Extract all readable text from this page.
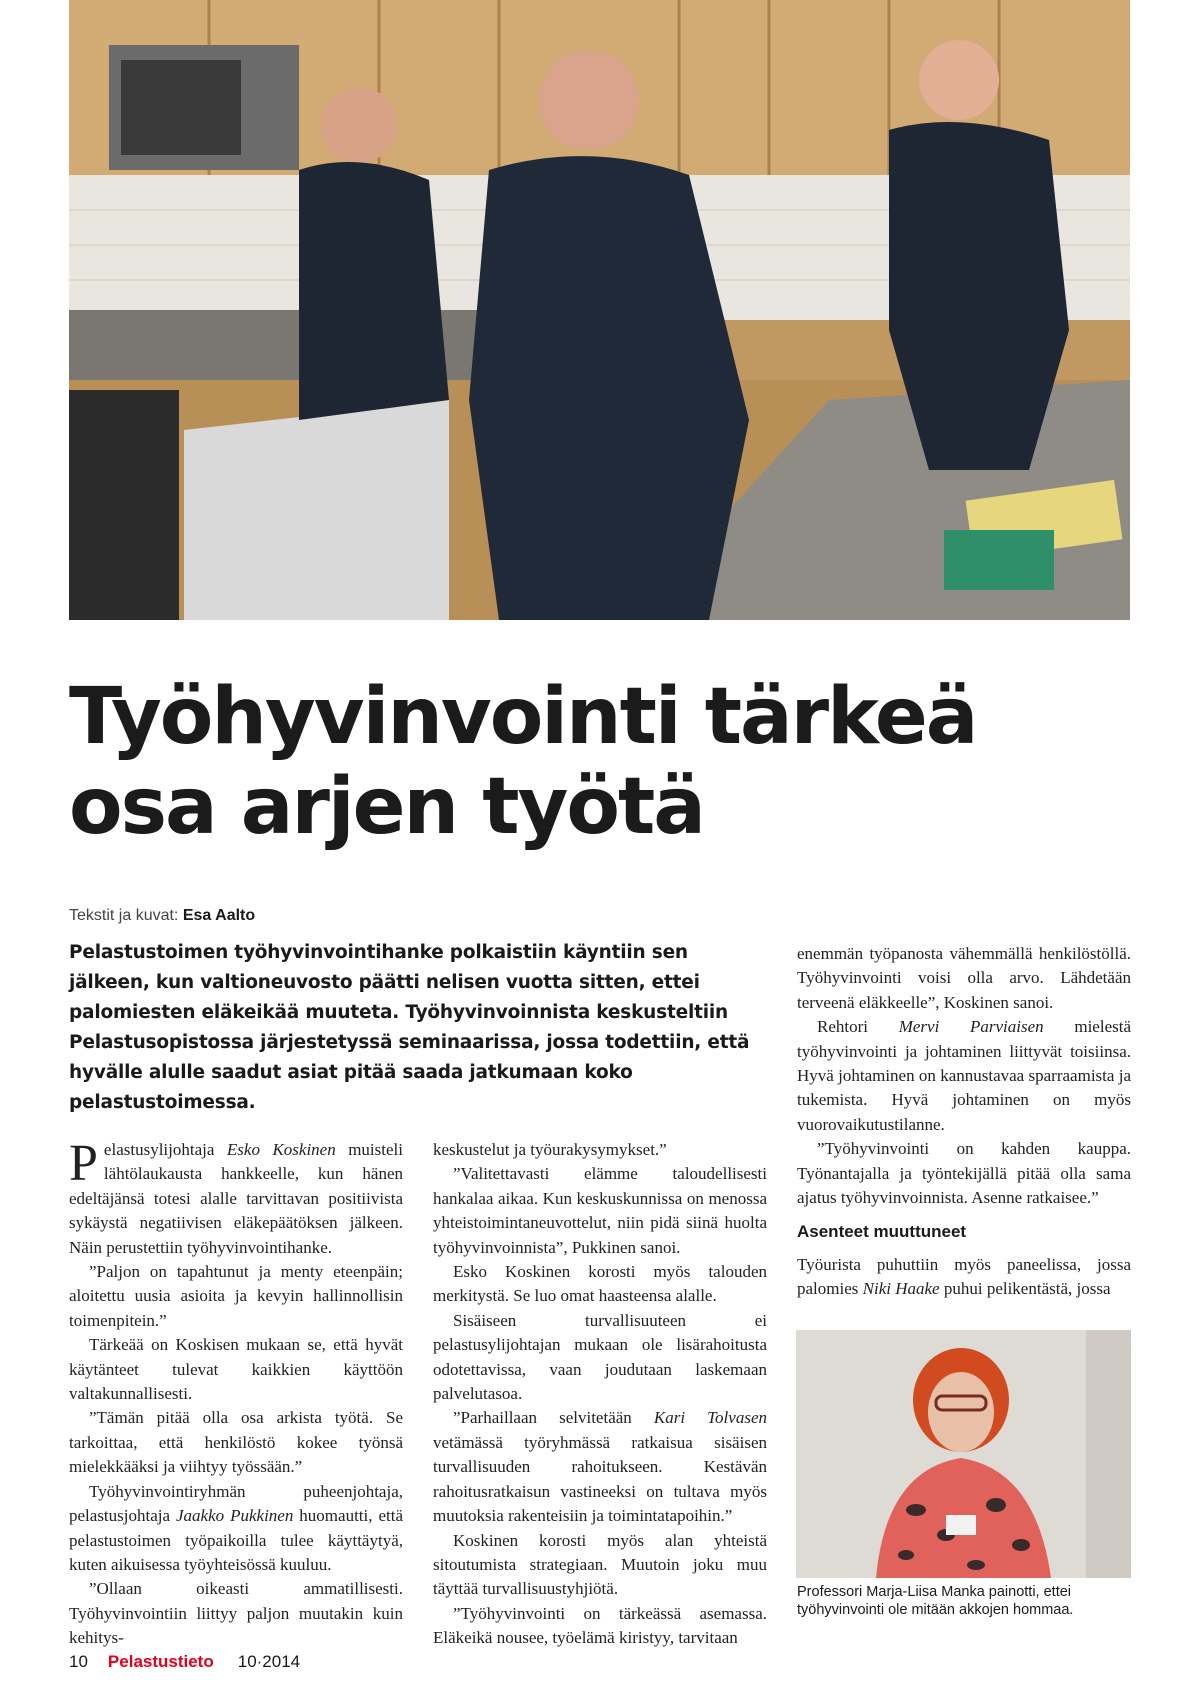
Työhyvinvointi tärkeä
osa arjen työtä
Tekstit ja kuvat: Esa Aalto
Pelastustoimen työhyvinvointihanke polkaistiin käyntiin sen jälkeen, kun valtioneuvosto päätti nelisen vuotta sitten, ettei palomiesten eläkeikää muuteta. Työhyvinvoinnista keskusteltiin Pelastusopistossa järjestetyssä seminaarissa, jossa todettiin, että hyvälle alulle saadut asiat pitää saada jatkumaan koko pelastustoimessa.

Pelastusylijohtaja Esko Koskinen muisteli lähtölaukausta hankkeelle, kun hänen edeltäjänsä totesi alalle tarvittavan positiivista sykäystä negatiivisen eläkepäätöksen jälkeen. Näin perustettiin työhyvinvointihanke.

”Paljon on tapahtunut ja menty eteenpäin; aloitettu uusia asioita ja kevyin hallinnollisin toimenpitein.”

Tärkeää on Koskisen mukaan se, että hyvät käytänteet tulevat kaikkien käyttöön valtakunnallisesti.

”Tämän pitää olla osa arkista työtä. Se tarkoittaa, että henkilöstö kokee työnsä mielekkääksi ja viihtyy työssään.”

Työhyvinvointiryhmän puheenjohtaja, pelastusjohtaja Jaakko Pukkinen huomautti, että pelastustoimen työpaikoilla tulee käyttäytyä, kuten aikuisessa työyhteisössä kuuluu.

”Ollaan oikeasti ammatillisesti. Työhyvinvointiin liittyy paljon muutakin kuin kehitys-

keskustelut ja työurakysymykset.”

”Valitettavasti elämme taloudellisesti hankalaa aikaa. Kun keskuskunnissa on menossa yhteistoimintaneuvottelut, niin pidä siinä huolta työhyvinvoinnista”, Pukkinen sanoi.

Esko Koskinen korosti myös talouden merkitystä. Se luo omat haasteensa alalle.

Sisäiseen turvallisuuteen ei pelastusylijohtajan mukaan ole lisärahoitusta odotettavissa, vaan joudutaan laskemaan palvelutasoa.

”Parhaillaan selvitetään Kari Tolvasen vetämässä työryhmässä ratkaisua sisäisen turvallisuuden rahoitukseen. Kestävän rahoitusratkaisun vastineeksi on tultava myös muutoksia rakenteisiin ja toimintatapoihin.”

Koskinen korosti myös alan yhteistä sitoutumista strategiaan. Muutoin joku muu täyttää turvallisuustyhjiötä.

”Työhyvinvointi on tärkeässä asemassa. Eläkeikä nousee, työelämä kiristyy, tarvitaan

enemmän työpanosta vähemmällä henkilöstöllä. Työhyvinvointi voisi olla arvo. Lähdetään terveenä eläkkeelle”, Koskinen sanoi.

Rehtori Mervi Parviaisen mielestä työhyvinvointi ja johtaminen liittyvät toisiinsa. Hyvä johtaminen on kannustavaa sparraamista ja tukemista. Hyvä johtaminen on myös vuorovaikutustilanne.

”Työhyvinvointi on kahden kauppa. Työnantajalla ja työntekijällä pitää olla sama ajatus työhyvinvoinnista. Asenne ratkaisee.”

Asenteet muuttuneet

Työurista puhuttiin myös paneelissa, jossa palomies Niki Haake puhui pelikentästä, jossa

Professori Marja-Liisa Manka painotti, ettei työhyvinvointi ole mitään akkojen hommaa.
10 Pelastustieto 10·2014
